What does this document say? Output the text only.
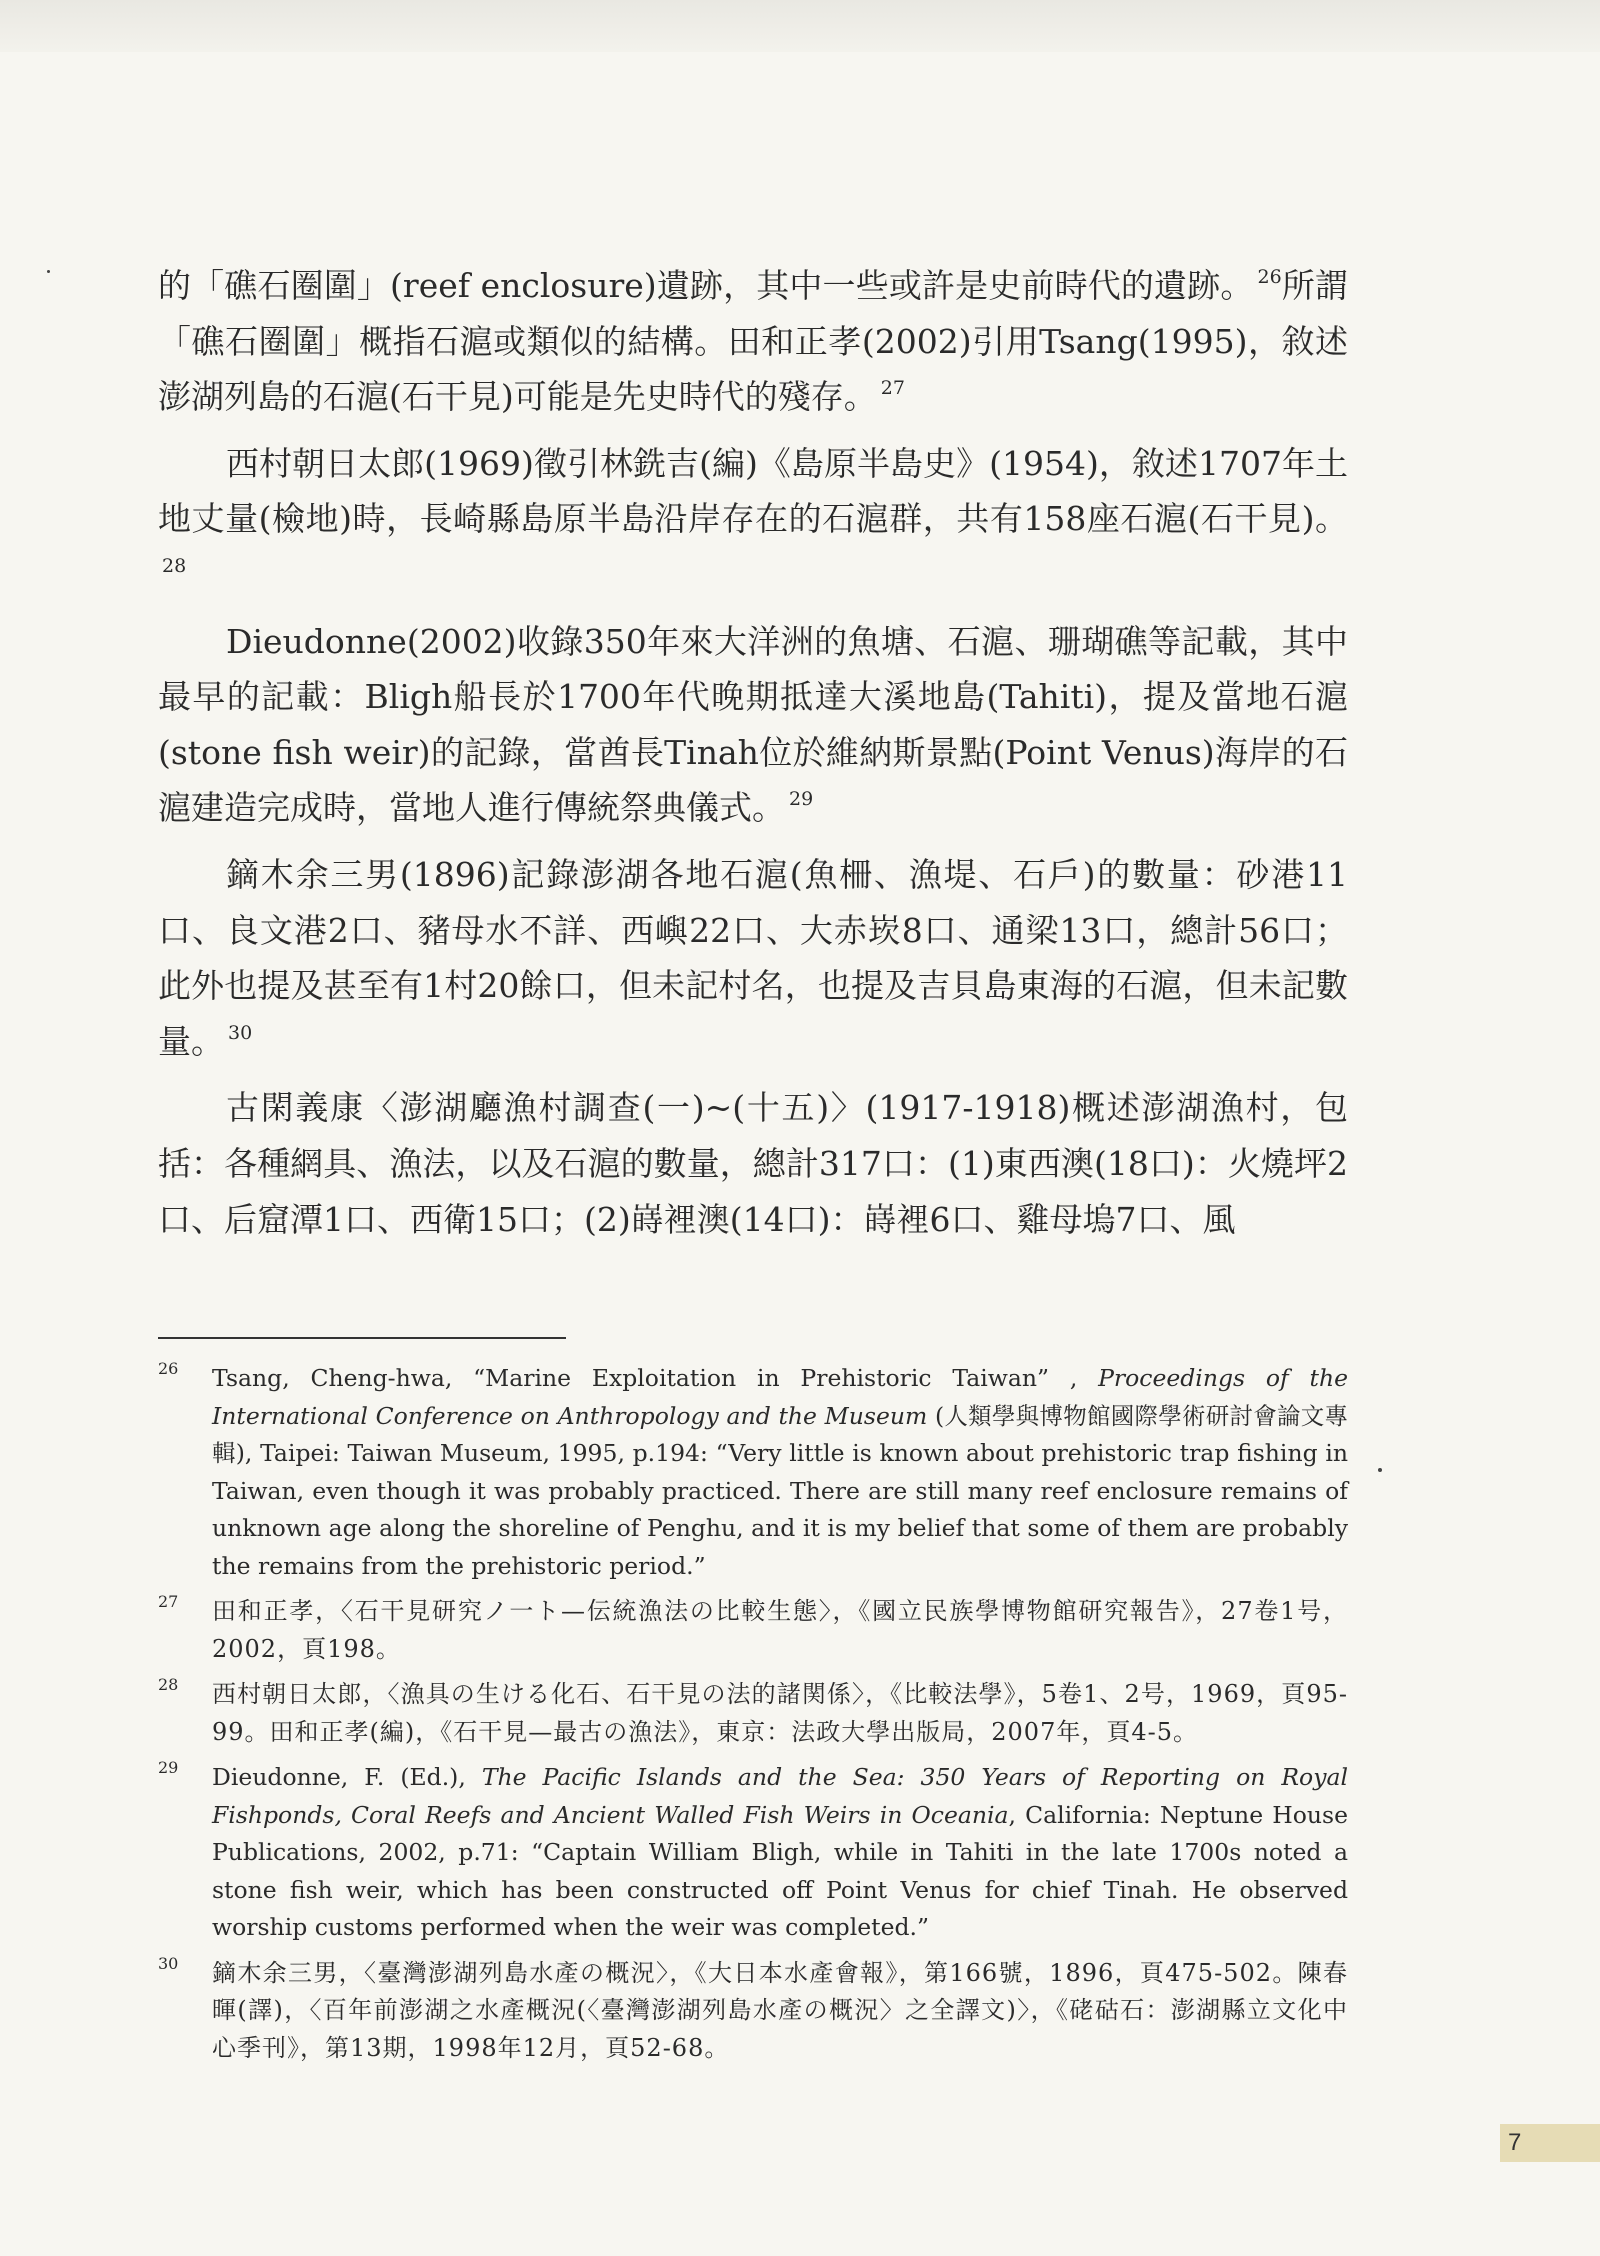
的「礁石圈圍」(reef enclosure)遺跡，其中一些或許是史前時代的遺跡。 $^{26}$所謂「礁石圈圍」概指石滬或類似的結構。田和正孝(2002)引用Tsang(1995)，敘述澎湖列島的石滬(石干見)可能是先史時代的殘存。 $^{27}$

西村朝日太郎(1969)徵引林銑吉(編)《島原半島史》(1954)，敘述1707年土地丈量(檢地)時，長崎縣島原半島沿岸存在的石滬群，共有158座石滬(石干見)。$^{28}$

Dieudonne(2002)收錄350年來大洋洲的魚塘、石滬、珊瑚礁等記載，其中最早的記載：Bligh船長於1700年代晚期抵達大溪地島(Tahiti)，提及當地石滬(stone fish weir)的記錄，當酋長Tinah位於維納斯景點(Point Venus)海岸的石滬建造完成時，當地人進行傳統祭典儀式。 $^{29}$

鏑木余三男(1896)記錄澎湖各地石滬(魚柵、漁堤、石戶)的數量：砂港11口、良文港2口、豬母水不詳、西嶼22口、大赤崁8口、通梁13口，總計56口；此外也提及甚至有1村20餘口，但未記村名，也提及吉貝島東海的石滬，但未記數量。 $^{30}$

古閑義康〈澎湖廳漁村調查(一)~(十五)〉(1917-1918)概述澎湖漁村，包括：各種網具、漁法，以及石滬的數量，總計317口：(1)東西澳(18口)：火燒坪2口、后窟潭1口、西衛15口；(2)嵵裡澳(14口)：嵵裡6口、雞母塢7口、風

26 Tsang, Cheng-hwa, “Marine Exploitation in Prehistoric Taiwan” , Proceedings of the International Conference on Anthropology and the Museum (人類學與博物館國際學術研討會論文專輯), Taipei: Taiwan Museum, 1995, p.194: “Very little is known about prehistoric trap fishing in Taiwan, even though it was probably practiced. There are still many reef enclosure remains of unknown age along the shoreline of Penghu, and it is my belief that some of them are probably the remains from the prehistoric period.”
27 田和正孝，〈石干見研究ノ一ト—伝統漁法の比較生態〉，《國立民族學博物館研究報告》，27卷1号，2002，頁198。
28 西村朝日太郎，〈漁具の生ける化石、石干見の法的諸関係〉，《比較法學》，5卷1、2号，1969，頁95-99。田和正孝(編)，《石干見—最古の漁法》，東京：法政大學出版局，2007年，頁4-5。
29 Dieudonne, F. (Ed.), The Pacific Islands and the Sea: 350 Years of Reporting on Royal Fishponds, Coral Reefs and Ancient Walled Fish Weirs in Oceania, California: Neptune House Publications, 2002, p.71: “Captain William Bligh, while in Tahiti in the late 1700s noted a stone fish weir, which has been constructed off Point Venus for chief Tinah. He observed worship customs performed when the weir was completed.”
30 鏑木余三男，〈臺灣澎湖列島水產の概況〉，《大日本水產會報》，第166號，1896，頁475-502。陳春暉(譯)，〈百年前澎湖之水產概況(〈臺灣澎湖列島水產の概況〉之全譯文)〉，《硓𥑮石：澎湖縣立文化中心季刊》，第13期，1998年12月，頁52-68。
7
